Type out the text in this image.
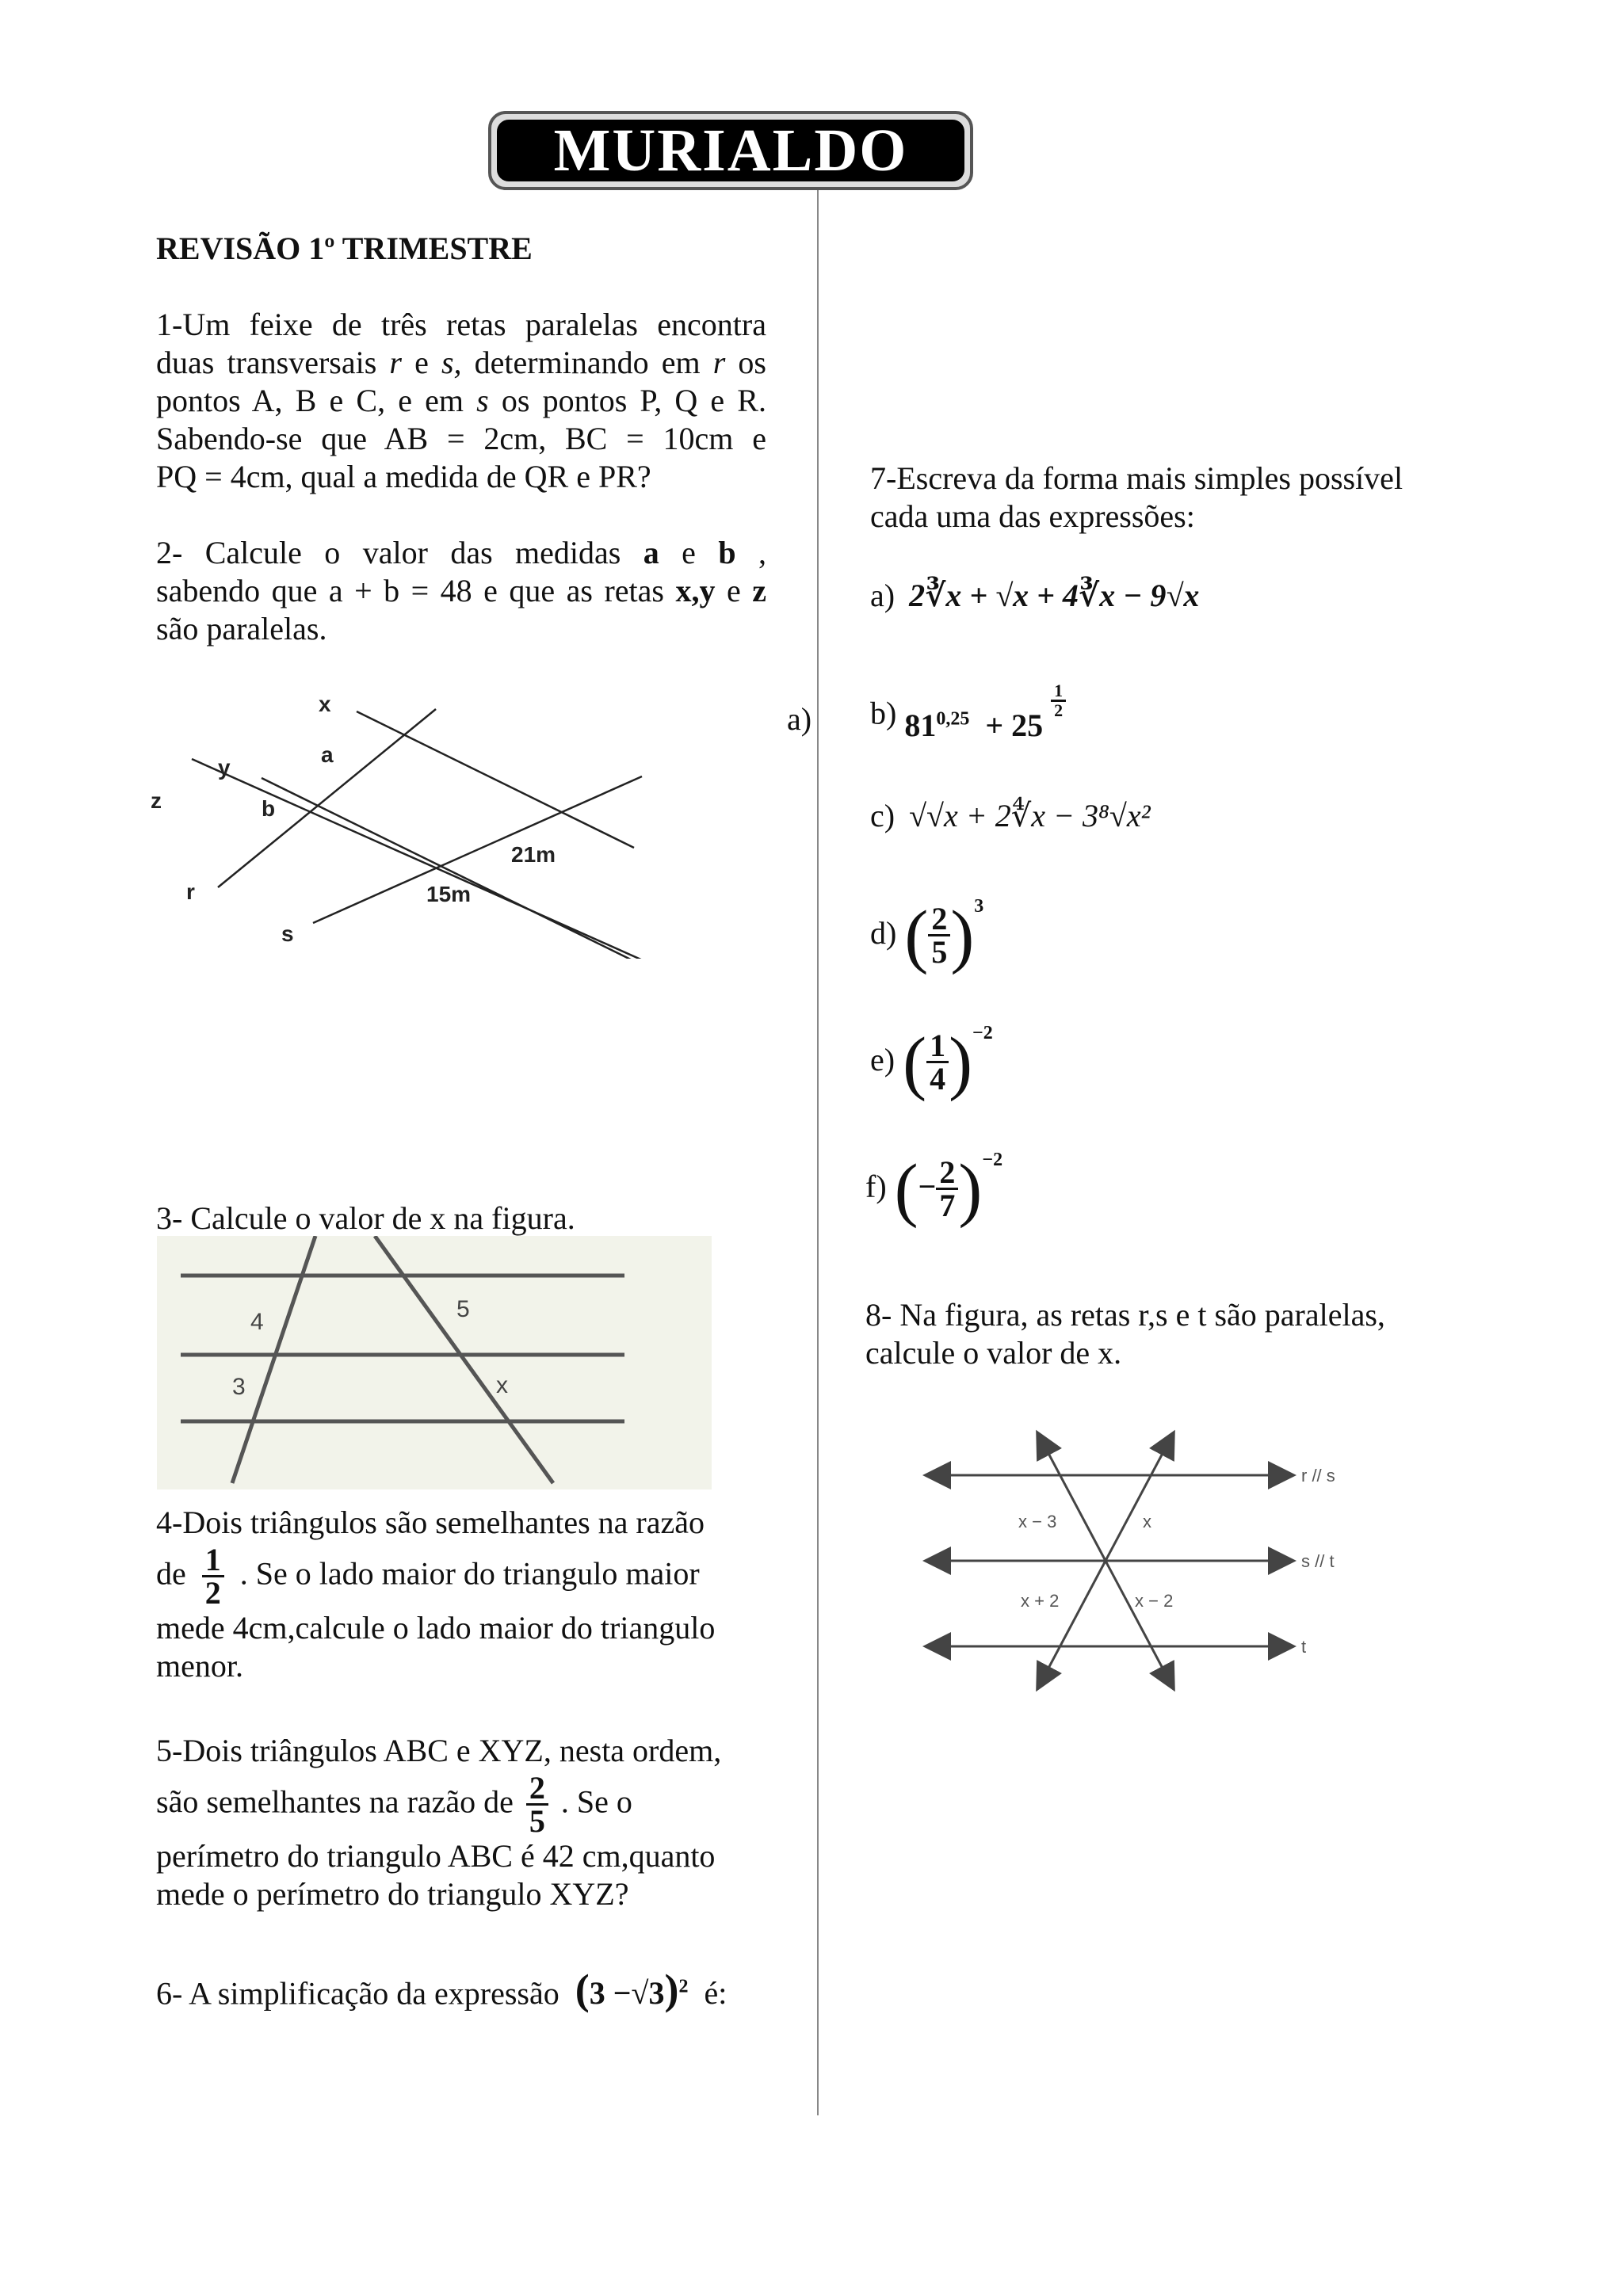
MURIALDO
REVISÃO 1º TRIMESTRE
1-Um feixe de três retas paralelas encontra
duas transversais r e s, determinando em r os
pontos A, B e C, e em s os pontos P, Q e R.
Sabendo-se que AB = 2cm, BC = 10cm e
PQ = 4cm, qual a medida de QR e PR?
2- Calcule o valor das medidas a e b ,
sabendo que a + b = 48 e que as retas x,y e z
são paralelas.
x
y
z
r
s
a
b
21m
15m
a)
3- Calcule o valor de x na figura.
4
3
5
x
4-Dois triângulos são semelhantes na razão
de $\frac{1}{2}$ . Se o lado maior do triangulo maior
mede 4cm,calcule o lado maior do triangulo
menor.
5-Dois triângulos ABC e XYZ, nesta ordem,
são semelhantes na razão de $\frac{2}{5}$ . Se o
perímetro do triangulo ABC é 42 cm,quanto
mede o perímetro do triangulo XYZ?
6- A simplificação da expressão $(3 -√3)^2$ é:
7-Escreva da forma mais simples possível
cada uma das expressões:
a) 2∛x + √x + 4∛x − 9√x
b) $81^{0,25} + 25$
$\frac{1}{2}$
c) √√x + 2∜x − 3⁸√x²
d) ( $\frac{2}{5} )^3$
e) ( $\frac{1}{4} )^{-2}$
f) (− $\frac{2}{7} )^{-2}$
8- Na figura, as retas r,s e t são paralelas,
calcule o valor de x.
r // s
s // t
t
x − 3	x
x + 2	x − 2
